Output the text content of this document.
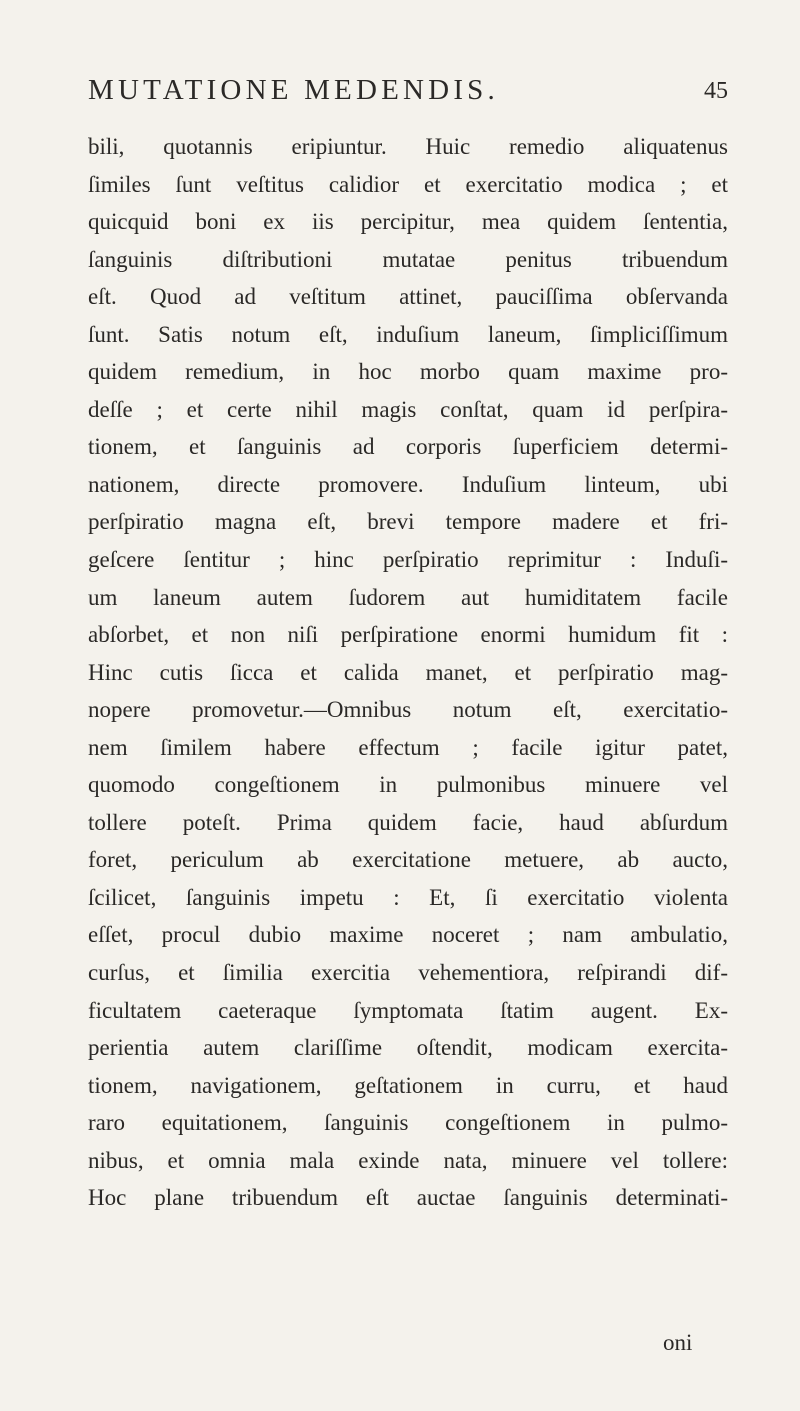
MUTATIONE MEDENDIS.	45
bili, quotannis eripiuntur. Huic remedio aliquatenus
ſimiles ſunt veſtitus calidior et exercitatio modica ; et
quicquid boni ex iis percipitur, mea quidem ſententia,
ſanguinis diſtributioni mutatae penitus tribuendum
eſt. Quod ad veſtitum attinet, pauciſſima obſervanda
ſunt. Satis notum eſt, induſium laneum, ſimpliciſſimum
quidem remedium, in hoc morbo quam maxime pro-
deſſe ; et certe nihil magis conſtat, quam id perſpira-
tionem, et ſanguinis ad corporis ſuperficiem determi-
nationem, directe promovere. Induſium linteum, ubi
perſpiratio magna eſt, brevi tempore madere et fri-
geſcere ſentitur ; hinc perſpiratio reprimitur : Induſi-
um laneum autem ſudorem aut humiditatem facile
abſorbet, et non niſi perſpiratione enormi humidum fit :
Hinc cutis ſicca et calida manet, et perſpiratio mag-
nopere promovetur.—Omnibus notum eſt, exercitatio-
nem ſimilem habere effectum ; facile igitur patet,
quomodo congeſtionem in pulmonibus minuere vel
tollere poteſt. Prima quidem facie, haud abſurdum
foret, periculum ab exercitatione metuere, ab aucto,
ſcilicet, ſanguinis impetu : Et, ſi exercitatio violenta
eſſet, procul dubio maxime noceret ; nam ambulatio,
curſus, et ſimilia exercitia vehementiora, reſpirandi dif-
ficultatem caeteraque ſymptomata ſtatim augent. Ex-
perientia autem clariſſime oſtendit, modicam exercita-
tionem, navigationem, geſtationem in curru, et haud
raro equitationem, ſanguinis congeſtionem in pulmo-
nibus, et omnia mala exinde nata, minuere vel tollere:
Hoc plane tribuendum eſt auctae ſanguinis determinati-
oni
